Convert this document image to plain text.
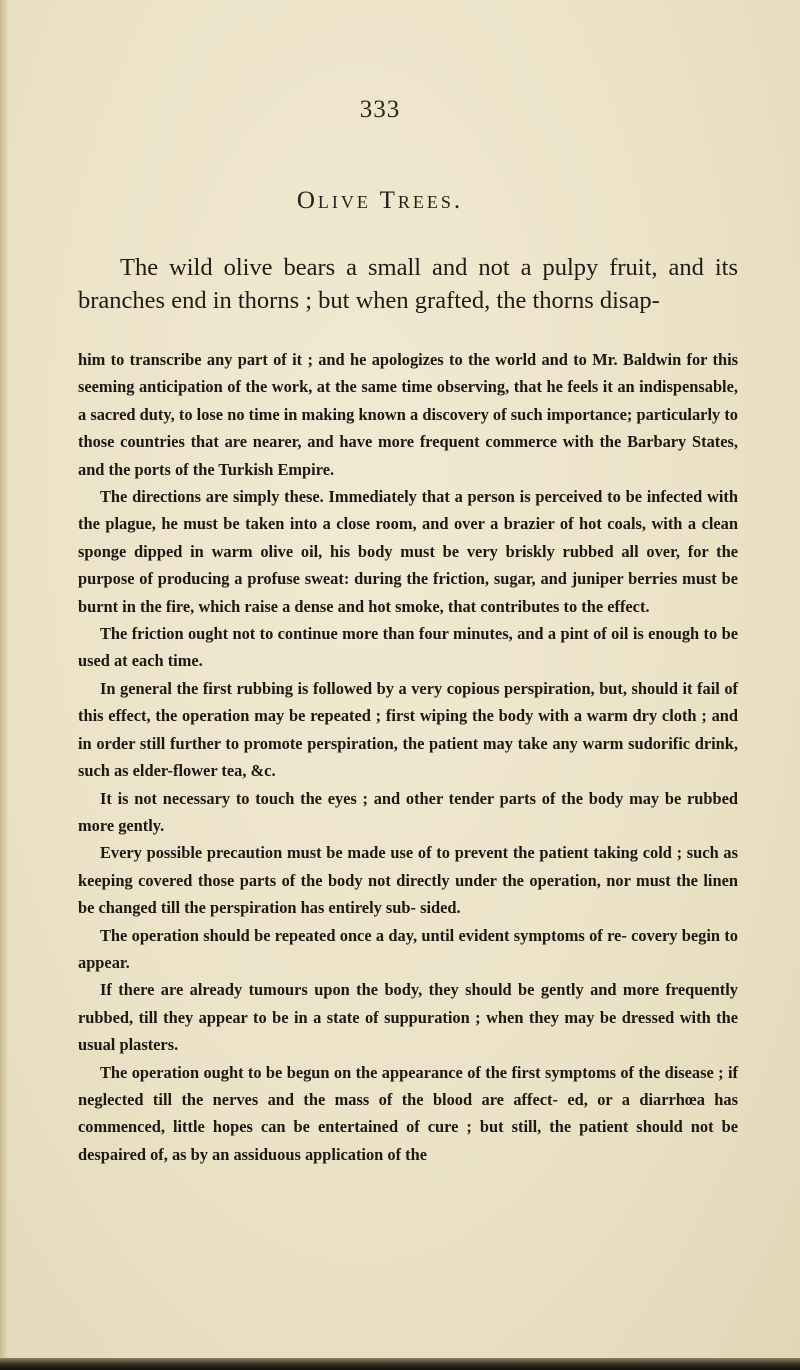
333
Olive Trees.

The wild olive bears a small and not a pulpy fruit, and its branches end in thorns ; but when grafted, the thorns disap-

him to transcribe any part of it ; and he apologizes to the world and to Mr. Baldwin for this seeming anticipation of the work, at the same time observing, that he feels it an indispensable, a sacred duty, to lose no time in making known a discovery of such importance; particularly to those countries that are nearer, and have more frequent commerce with the Barbary States, and the ports of the Turkish Empire.

The directions are simply these. Immediately that a person is perceived to be infected with the plague, he must be taken into a close room, and over a brazier of hot coals, with a clean sponge dipped in warm olive oil, his body must be very briskly rubbed all over, for the purpose of producing a profuse sweat: during the friction, sugar, and juniper berries must be burnt in the fire, which raise a dense and hot smoke, that contributes to the effect.

The friction ought not to continue more than four minutes, and a pint of oil is enough to be used at each time.

In general the first rubbing is followed by a very copious perspiration, but, should it fail of this effect, the operation may be repeated ; first wiping the body with a warm dry cloth ; and in order still further to promote perspiration, the patient may take any warm sudorific drink, such as elder-flower tea, &c.

It is not necessary to touch the eyes ; and other tender parts of the body may be rubbed more gently.

Every possible precaution must be made use of to prevent the patient taking cold ; such as keeping covered those parts of the body not directly under the operation, nor must the linen be changed till the perspiration has entirely sub- sided.

The operation should be repeated once a day, until evident symptoms of re- covery begin to appear.

If there are already tumours upon the body, they should be gently and more frequently rubbed, till they appear to be in a state of suppuration ; when they may be dressed with the usual plasters.

The operation ought to be begun on the appearance of the first symptoms of the disease ; if neglected till the nerves and the mass of the blood are affect- ed, or a diarrhœa has commenced, little hopes can be entertained of cure ; but still, the patient should not be despaired of, as by an assiduous application of the
